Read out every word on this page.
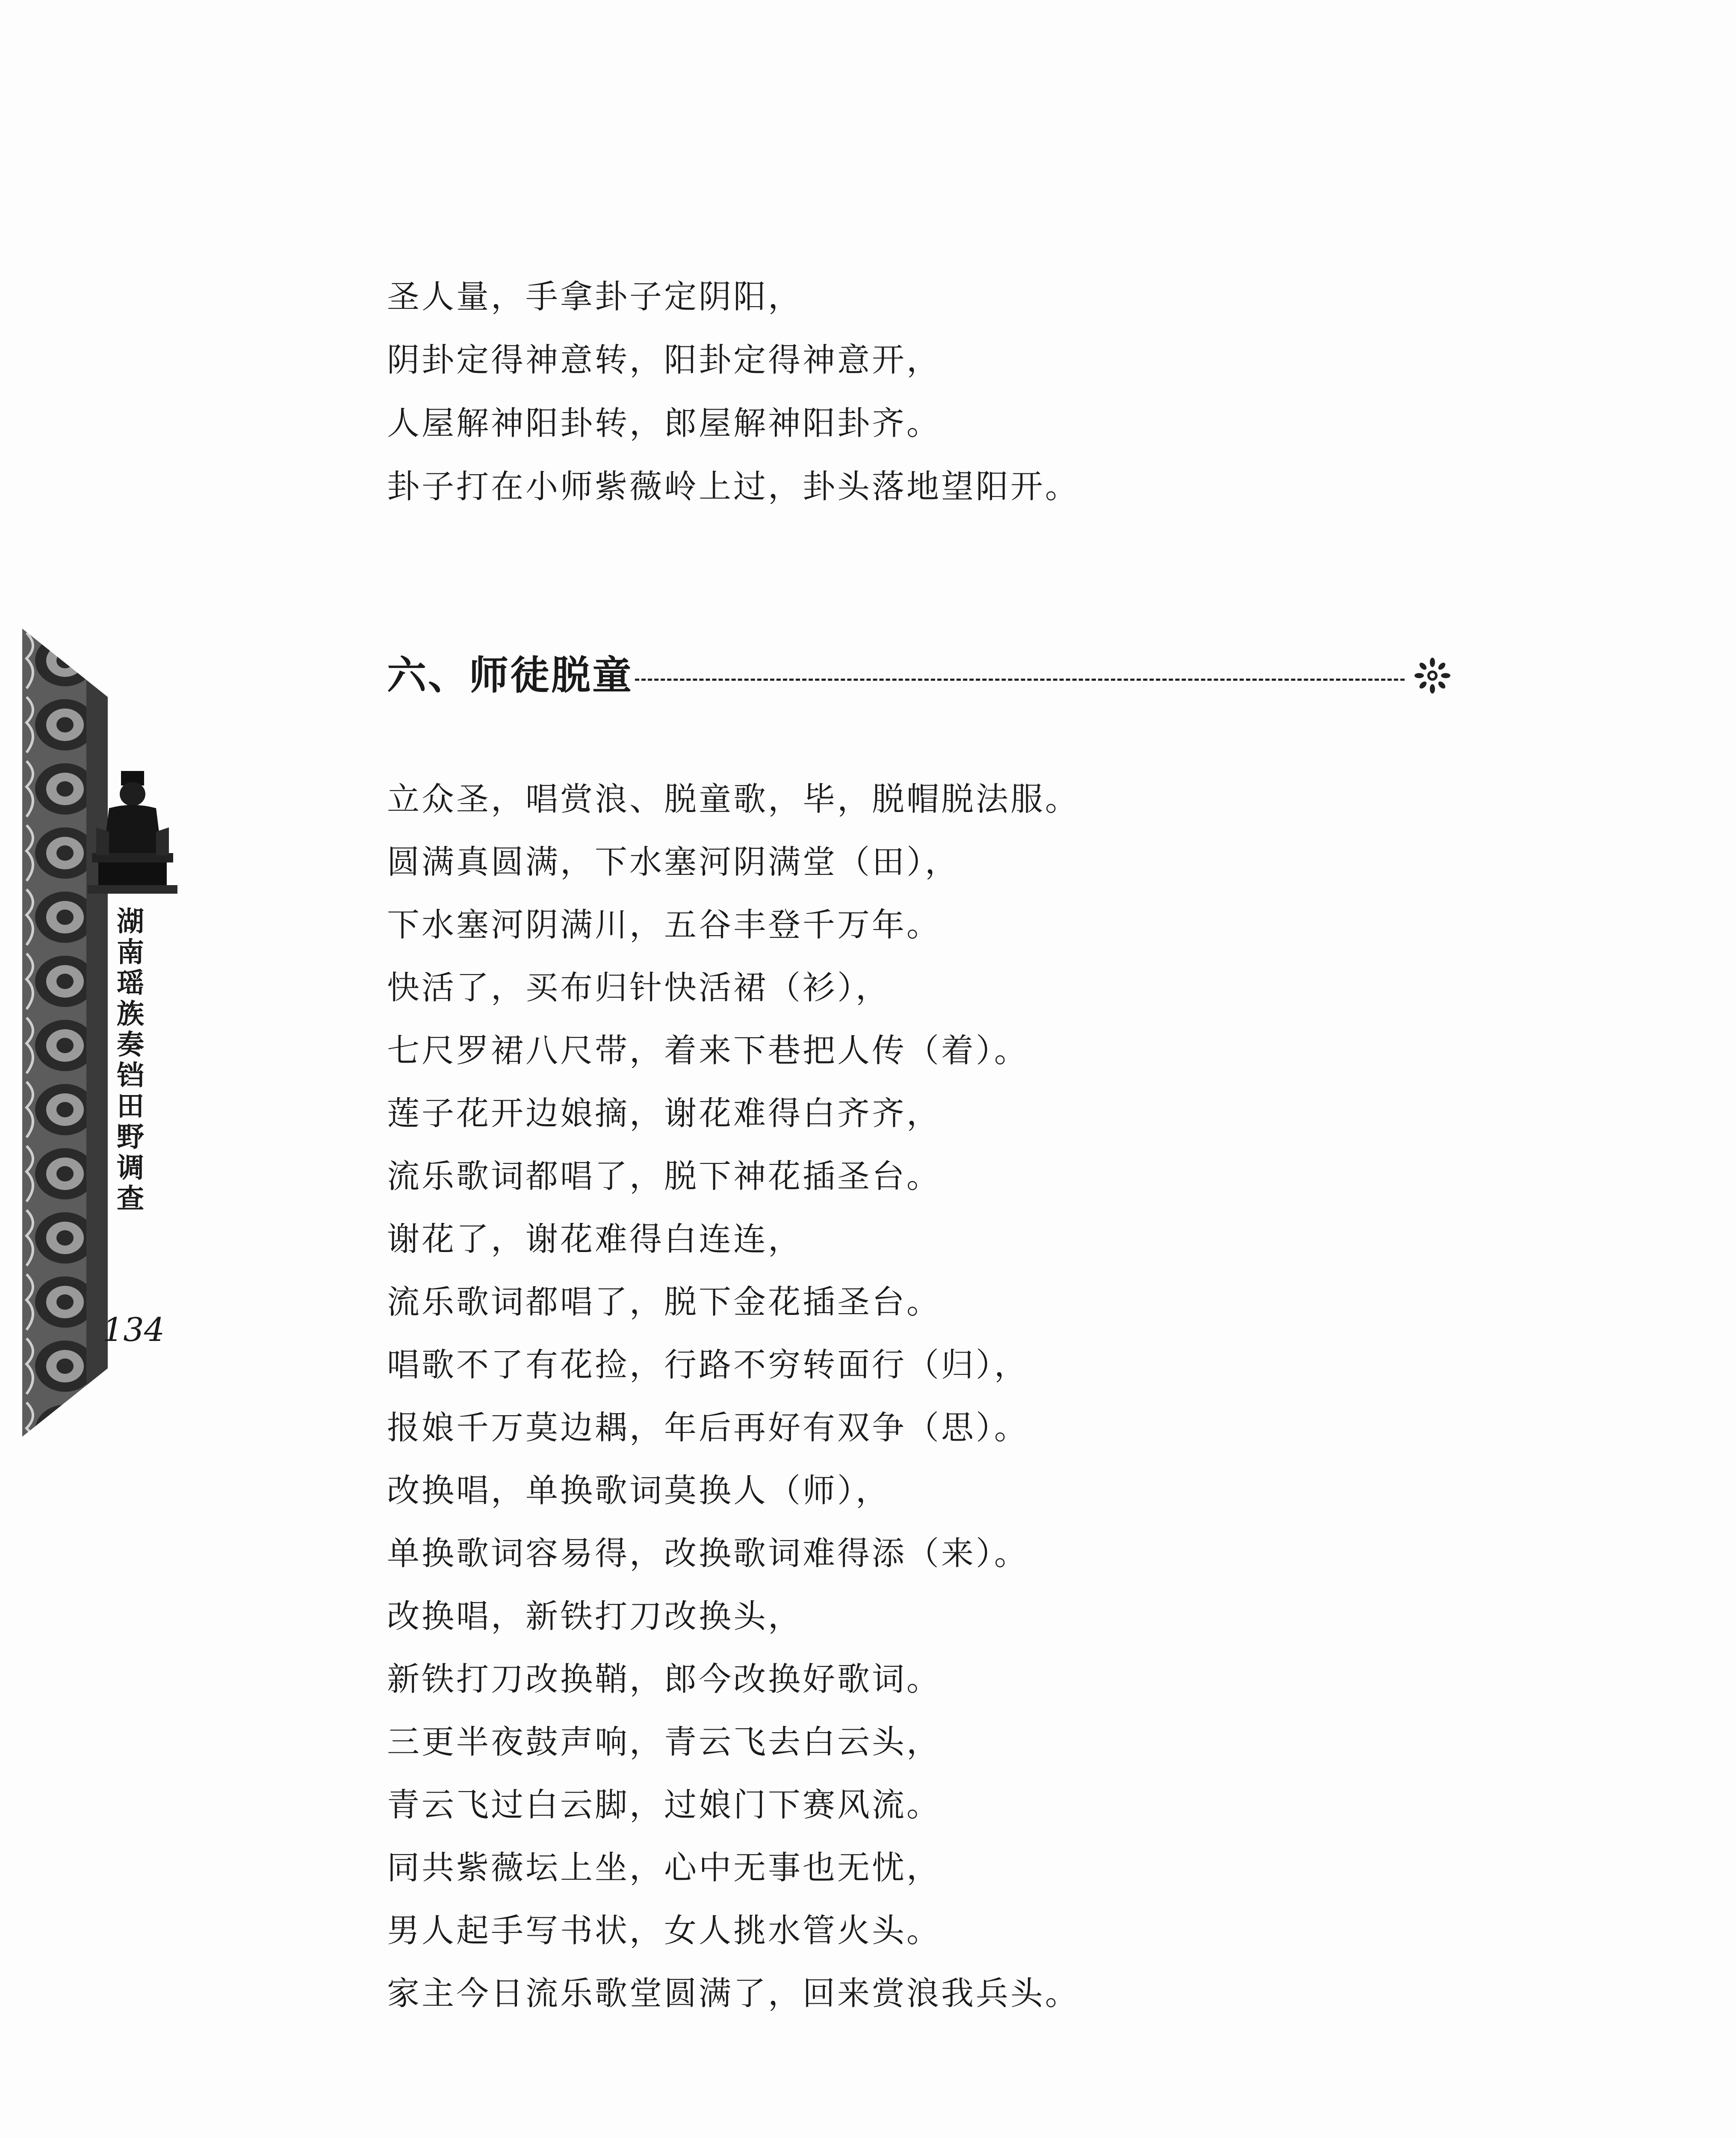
湖
南
瑶
族
奏
铛
田
野
调
查
134
圣人量，手拿卦子定阴阳，
阴卦定得神意转，阳卦定得神意开，
人屋解神阳卦转，郎屋解神阳卦齐。
卦子打在小师紫薇岭上过，卦头落地望阳开。
六、师徒脱童
立众圣，唱赏浪、脱童歌，毕，脱帽脱法服。
圆满真圆满，下水塞河阴满堂（田），
下水塞河阴满川，五谷丰登千万年。
快活了，买布归针快活裙（衫），
七尺罗裙八尺带，着来下巷把人传（着）。
莲子花开边娘摘，谢花难得白齐齐，
流乐歌词都唱了，脱下神花插圣台。
谢花了，谢花难得白连连，
流乐歌词都唱了，脱下金花插圣台。
唱歌不了有花捡，行路不穷转面行（归），
报娘千万莫边耦，年后再好有双争（思）。
改换唱，单换歌词莫换人（师），
单换歌词容易得，改换歌词难得添（来）。
改换唱，新铁打刀改换头，
新铁打刀改换鞘，郎今改换好歌词。
三更半夜鼓声响，青云飞去白云头，
青云飞过白云脚，过娘门下赛风流。
同共紫薇坛上坐，心中无事也无忧，
男人起手写书状，女人挑水管火头。
家主今日流乐歌堂圆满了，回来赏浪我兵头。
